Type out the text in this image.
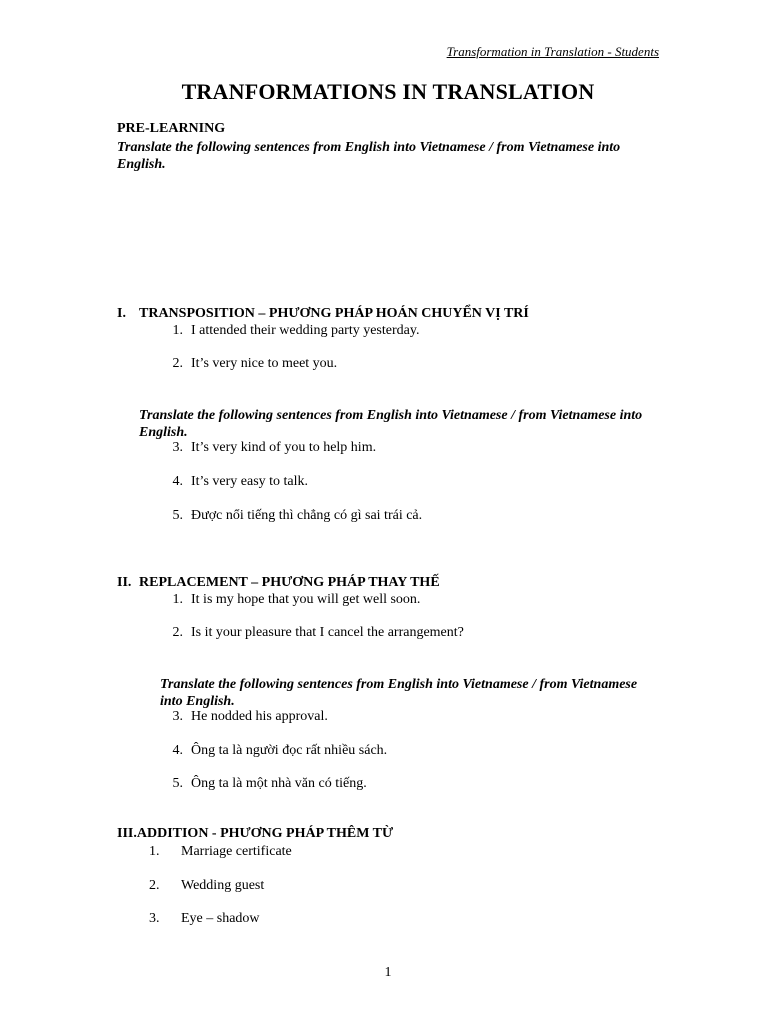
Transformation in Translation - Students
TRANFORMATIONS IN TRANSLATION
PRE-LEARNING
Translate the following sentences from English into Vietnamese / from Vietnamese into English.
I. TRANSPOSITION – PHƯƠNG PHÁP HOÁN CHUYỂN VỊ TRÍ
1. I attended their wedding party yesterday.
2. It’s very nice to meet you.
Translate the following sentences from English into Vietnamese / from Vietnamese into English.
3. It’s very kind of you to help him.
4. It’s very easy to talk.
5. Được nổi tiếng thì chẳng có gì sai trái cả.
II. REPLACEMENT – PHƯƠNG PHÁP THAY THẾ
1. It is my hope that you will get well soon.
2. Is it your pleasure that I cancel the arrangement?
Translate the following sentences from English into Vietnamese / from Vietnamese into English.
3. He nodded his approval.
4. Ông ta là người đọc rất nhiều sách.
5. Ông ta là một nhà văn có tiếng.
III.ADDITION - PHƯƠNG PHÁP THÊM TỪ
1. Marriage certificate
2. Wedding guest
3. Eye – shadow
1
